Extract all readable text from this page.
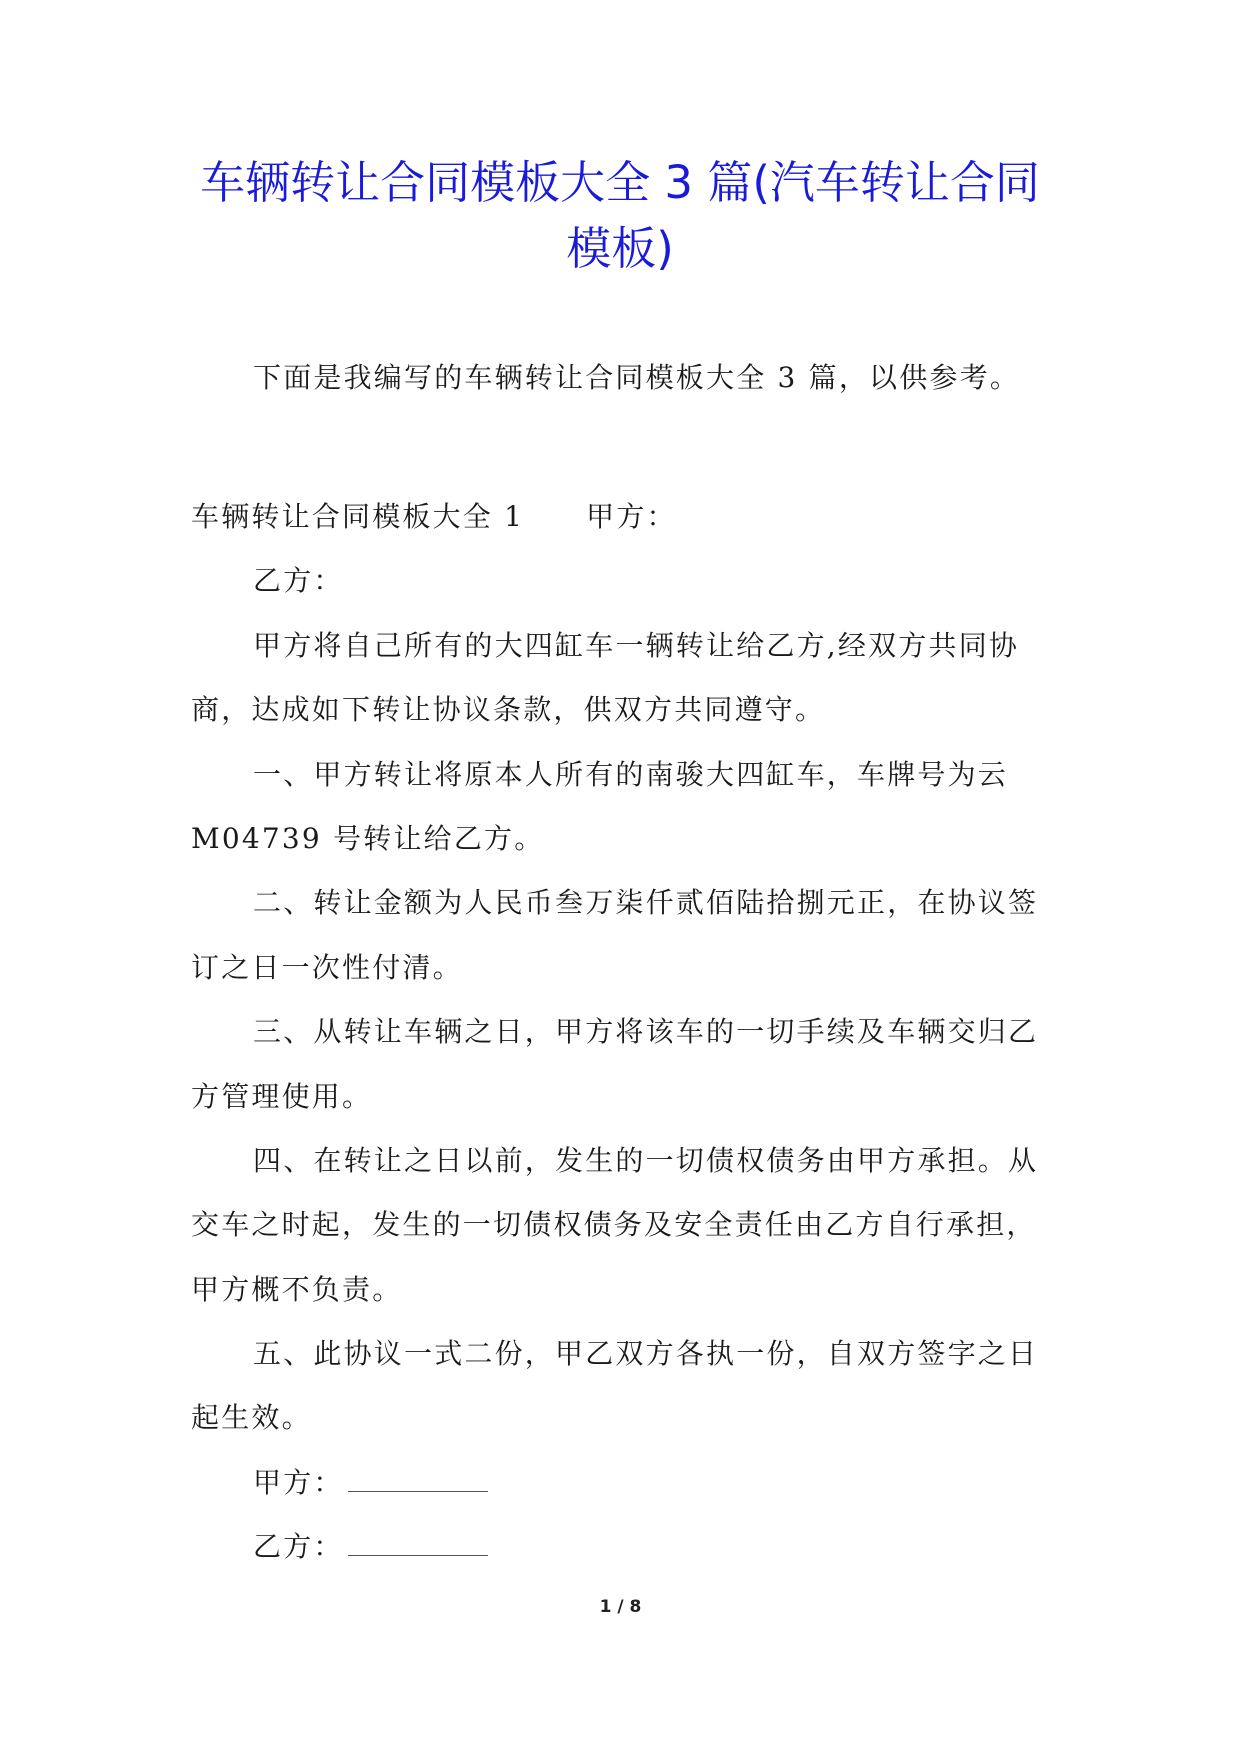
车辆转让合同模板大全 3 篇(汽车转让合同
模板)
下面是我编写的车辆转让合同模板大全 3 篇，以供参考。
车辆转让合同模板大全 1 甲方：
乙方：
甲方将自己所有的大四缸车一辆转让给乙方,经双方共同协
商，达成如下转让协议条款，供双方共同遵守。
一、甲方转让将原本人所有的南骏大四缸车，车牌号为云
M04739 号转让给乙方。
二、转让金额为人民币叁万柒仟贰佰陆拾捌元正，在协议签
订之日一次性付清。
三、从转让车辆之日，甲方将该车的一切手续及车辆交归乙
方管理使用。
四、在转让之日以前，发生的一切债权债务由甲方承担。从
交车之时起，发生的一切债权债务及安全责任由乙方自行承担，
甲方概不负责。
五、此协议一式二份，甲乙双方各执一份，自双方签字之日
起生效。
甲方：
乙方：
1 / 8
